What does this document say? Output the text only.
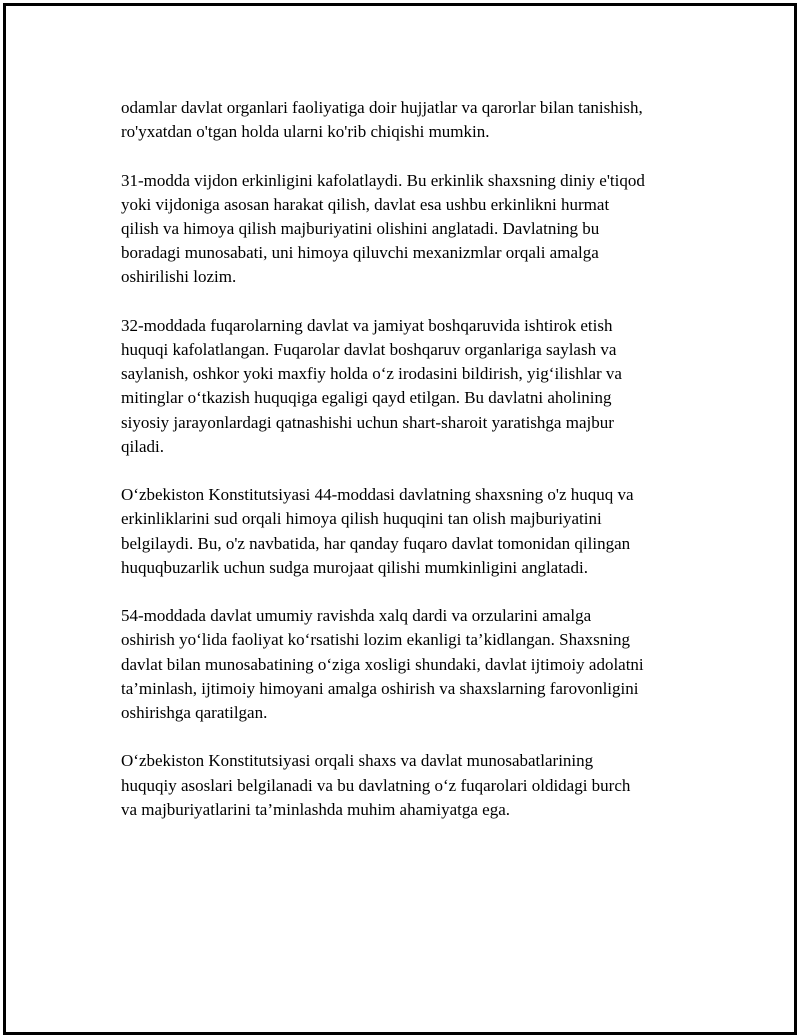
odamlar davlat organlari faoliyatiga doir hujjatlar va qarorlar bilan tanishish,
ro'yxatdan o'tgan holda ularni ko'rib chiqishi mumkin.

31-modda vijdon erkinligini kafolatlaydi. Bu erkinlik shaxsning diniy e'tiqod
yoki vijdoniga asosan harakat qilish, davlat esa ushbu erkinlikni hurmat
qilish va himoya qilish majburiyatini olishini anglatadi. Davlatning bu
boradagi munosabati, uni himoya qiluvchi mexanizmlar orqali amalga
oshirilishi lozim.

32-moddada fuqarolarning davlat va jamiyat boshqaruvida ishtirok etish
huquqi kafolatlangan. Fuqarolar davlat boshqaruv organlariga saylash va
saylanish, oshkor yoki maxfiy holda o‘z irodasini bildirish, yig‘ilishlar va
mitinglar o‘tkazish huquqiga egaligi qayd etilgan. Bu davlatni aholining
siyosiy jarayonlardagi qatnashishi uchun shart-sharoit yaratishga majbur
qiladi.

O‘zbekiston Konstitutsiyasi 44-moddasi davlatning shaxsning o'z huquq va
erkinliklarini sud orqali himoya qilish huquqini tan olish majburiyatini
belgilaydi. Bu, o'z navbatida, har qanday fuqaro davlat tomonidan qilingan
huquqbuzarlik uchun sudga murojaat qilishi mumkinligini anglatadi.

54-moddada davlat umumiy ravishda xalq dardi va orzularini amalga
oshirish yo‘lida faoliyat ko‘rsatishi lozim ekanligi ta’kidlangan. Shaxsning
davlat bilan munosabatining o‘ziga xosligi shundaki, davlat ijtimoiy adolatni
ta’minlash, ijtimoiy himoyani amalga oshirish va shaxslarning farovonligini
oshirishga qaratilgan.

O‘zbekiston Konstitutsiyasi orqali shaxs va davlat munosabatlarining
huquqiy asoslari belgilanadi va bu davlatning o‘z fuqarolari oldidagi burch
va majburiyatlarini ta’minlashda muhim ahamiyatga ega.
